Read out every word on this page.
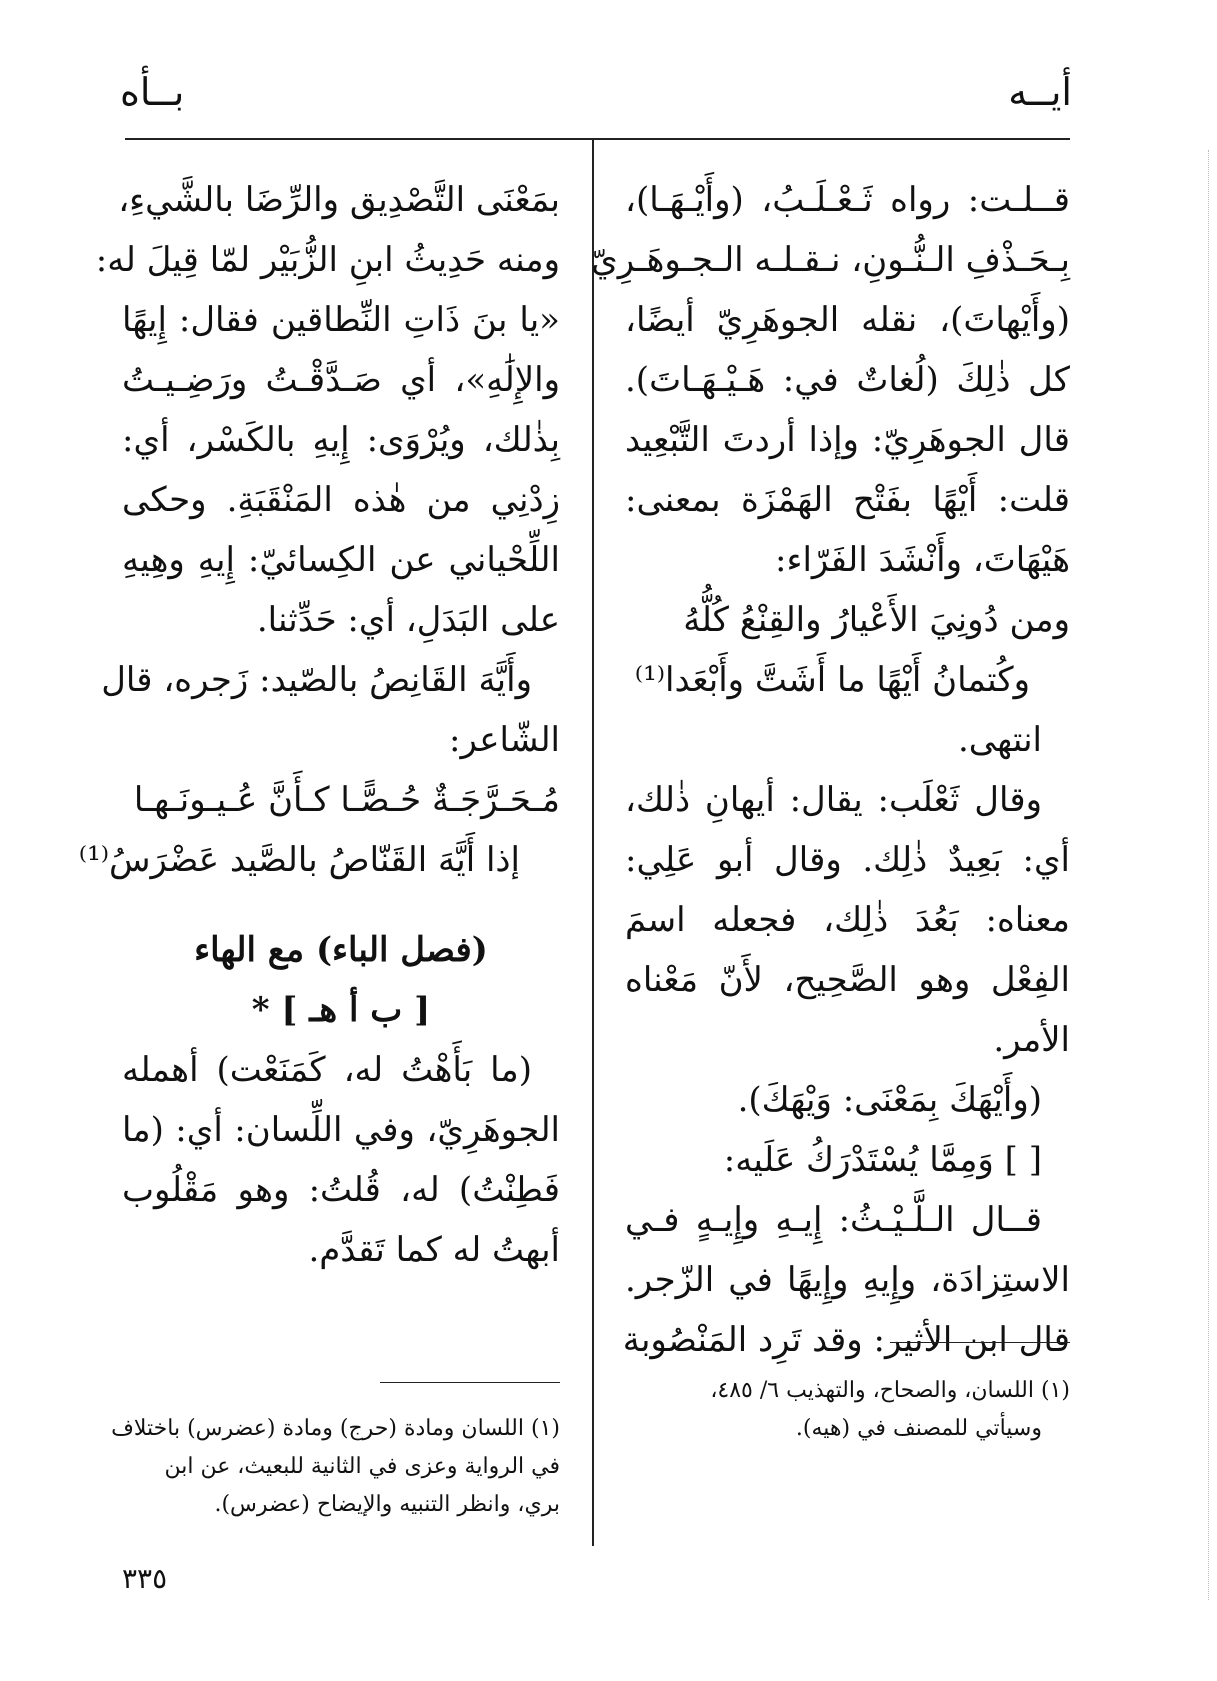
أيــه
بــأه
قــلـت: رواه ثَـعْـلَـبُ، (وأَيْـهَـا)،
بِـحَـذْفِ الـنُّـونِ، نـقـلـه الـجـوهَـرِيّ
(وأَيْهاتَ)، نقله الجوهَرِيّ أيضًا،
كل ذٰلِكَ (لُغاتٌ في: هَـيْـهَـاتَ).
قال الجوهَرِيّ: وإذا أردتَ التَّبْعِيد
قلت: أَيْهًا بفَتْح الهَمْزَة بمعنى:
هَيْهَاتَ، وأَنْشَدَ الفَرّاء:
ومن دُونِيَ الأَعْيارُ والقِنْعُ كُلُّهُ
وكُتمانُ أَيْهًا ما أَشَتَّ وأَبْعَدا⁽¹⁾
انتهى.
وقال ثَعْلَب: يقال: أيهانِ ذٰلك،
أي: بَعِيدٌ ذٰلِك. وقال أبو عَلِي:
معناه: بَعُدَ ذٰلِك، فجعله اسمَ
الفِعْل وهو الصَّحِيح، لأَنّ مَعْناه
الأمر.
(وأَيْهَكَ بِمَعْنَى: وَيْهَكَ).
[ ] وَمِمَّا يُسْتَدْرَكُ عَلَيه:
قــال الـلَّـيْـثُ: إِيـهِ وإِيـهٍ فـي
الاستِزادَة، وإِيهِ وإِيهًا في الزّجر.
قال ابن الأثير: وقد تَرِد المَنْصُوبة
بمَعْنَى التَّصْدِيق والرِّضَا بالشَّيءِ،
ومنه حَدِيثُ ابنِ الزُّبَيْر لمّا قِيلَ له:
«يا بنَ ذَاتِ النِّطاقين فقال: إِيهًا
والإِلَٰهِ»، أي صَـدَّقْـتُ ورَضِـيـتُ
بِذٰلك، ويُرْوَى: إِيهِ بالكَسْر، أي:
زِدْنِي من هٰذه المَنْقَبَةِ. وحكى
اللِّحْياني عن الكِسائيّ: إِيهِ وهِيهِ
على البَدَلِ، أي: حَدِّثنا.
وأَيَّهَ القَانِصُ بالصّيد: زَجره، قال
الشّاعر:
مُـحَـرَّجَـةٌ حُـصًّـا كـأَنَّ عُـيـونَـهـا
إذا أَيَّهَ القَنّاصُ بالصَّيد عَضْرَسُ⁽¹⁾
(فصل الباء) مع الهاء
[ ب أ هـ ] *
(ما بَأَهْتُ له، كَمَنَعْت) أهمله
الجوهَرِيّ، وفي اللِّسان: أي: (ما
فَطِنْتُ) له، قُلتُ: وهو مَقْلُوب
أبهتُ له كما تَقدَّم.
(١) اللسان، والصحاح، والتهذيب ٦/ ٤٨٥،
وسيأتي للمصنف في (هيه).
(١) اللسان ومادة (حرج) ومادة (عضرس) باختلاف
في الرواية وعزى في الثانية للبعيث، عن ابن
بري، وانظر التنبيه والإيضاح (عضرس).
٣٣٥
